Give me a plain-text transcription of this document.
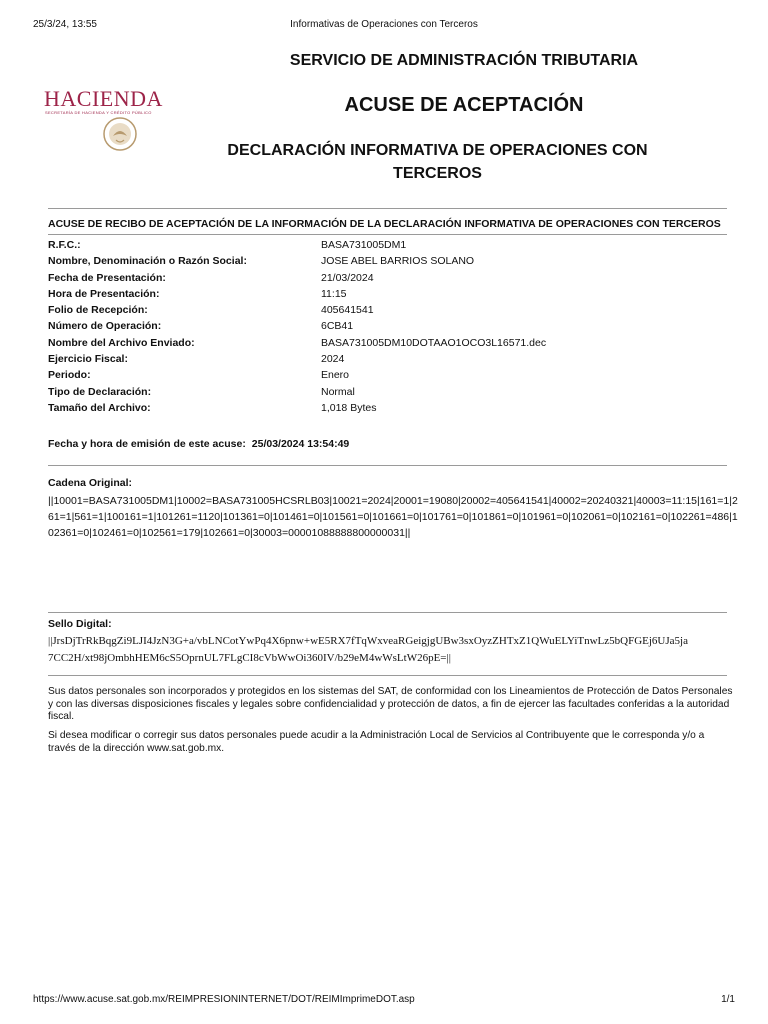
25/3/24, 13:55	Informativas de Operaciones con Terceros
SERVICIO DE ADMINISTRACIÓN TRIBUTARIA
HACIENDA
SECRETARÍA DE HACIENDA Y CRÉDITO PÚBLICO	ACUSE DE ACEPTACIÓN
DECLARACIÓN INFORMATIVA DE OPERACIONES CON TERCEROS
ACUSE DE RECIBO DE ACEPTACIÓN DE LA INFORMACIÓN DE LA DECLARACIÓN INFORMATIVA DE OPERACIONES CON TERCEROS
R.F.C.:	BASA731005DM1
Nombre, Denominación o Razón Social:	JOSE ABEL BARRIOS SOLANO
Fecha de Presentación:	21/03/2024
Hora de Presentación:	11:15
Folio de Recepción:	405641541
Número de Operación:	6CB41
Nombre del Archivo Enviado:	BASA731005DM10DOTAAO1OCO3L16571.dec
Ejercicio Fiscal:	2024
Periodo:	Enero
Tipo de Declaración:	Normal
Tamaño del Archivo:	1,018 Bytes
Fecha y hora de emisión de este acuse: 25/03/2024 13:54:49
Cadena Original:
||10001=BASA731005DM1|10002=BASA731005HCSRLB03|10021=2024|20001=19080|20002=405641541|40002=20240321|40003=11:15|161=1|261=1|561=1|100161=1|101261=1120|101361=0|101461=0|101561=0|101661=0|101761=0|101861=0|101961=0|102061=0|102161=0|102261=486|102361=0|102461=0|102561=179|102661=0|30003=00001088888800000031||
Sello Digital:
||JrsDjTrRkBqgZi9LJI4JzN3G+a/vbLNCotYwPq4X6pnw+wE5RX7fTqWxveaRGeigjgUBw3sxOyzZHTxZ1QWuELYiTnwLz5bQFGEj6UJa5ja7CC2H/xt98jOmbhHEM6cS5OprnUL7FLgCI8cVbWwOi360IV/b29eM4wWsLtW26pE=||
Sus datos personales son incorporados y protegidos en los sistemas del SAT, de conformidad con los Lineamientos de Protección de Datos Personales y con las diversas disposiciones fiscales y legales sobre confidencialidad y protección de datos, a fin de ejercer las facultades conferidas a la autoridad fiscal.
Si desea modificar o corregir sus datos personales puede acudir a la Administración Local de Servicios al Contribuyente que le corresponda y/o a través de la dirección www.sat.gob.mx.
https://www.acuse.sat.gob.mx/REIMPRESIONINTERNET/DOT/REIMImprimeDOT.asp	1/1
